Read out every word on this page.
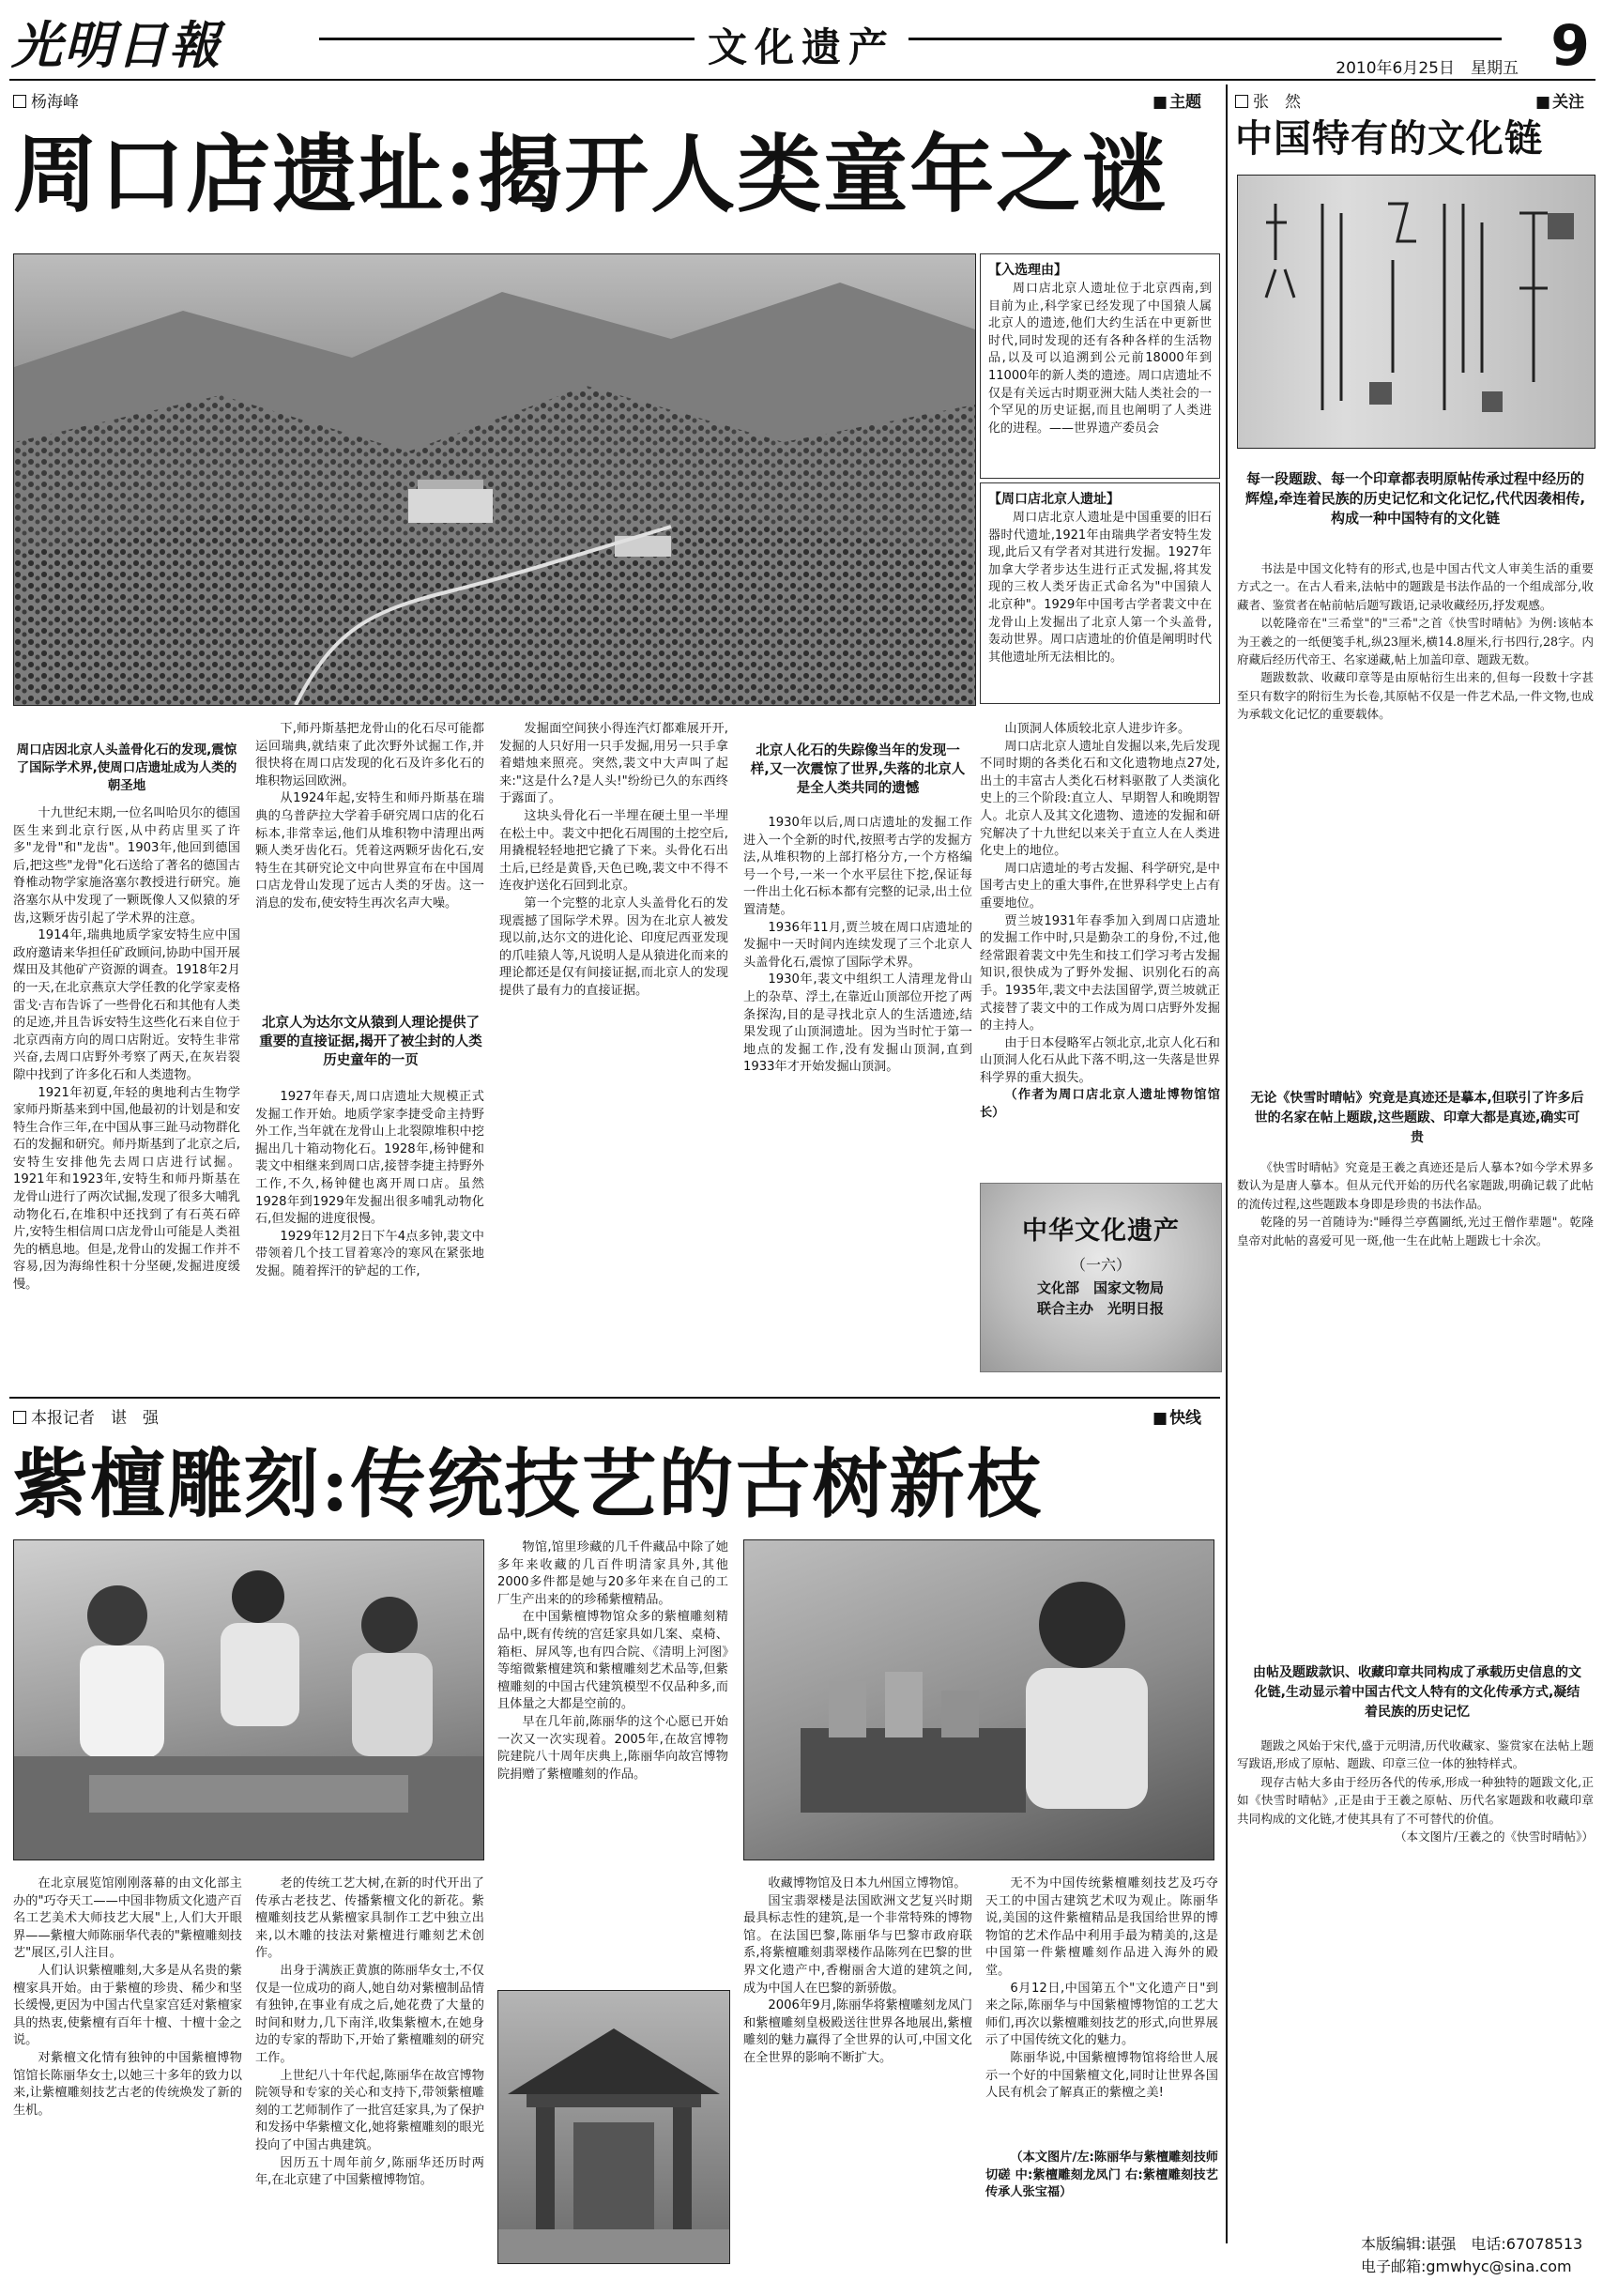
光明日報	文化遗产	9
2010年6月25日　星期五
杨海峰	■ 主题
周口店遗址:揭开人类童年之谜
【入选理由】
周口店北京人遗址位于北京西南,到目前为止,科学家已经发现了中国猿人属北京人的遗迹,他们大约生活在中更新世时代,同时发现的还有各种各样的生活物品,以及可以追溯到公元前18000年到11000年的新人类的遗迹。周口店遗址不仅是有关远古时期亚洲大陆人类社会的一个罕见的历史证据,而且也阐明了人类进化的进程。——世界遗产委员会
【周口店北京人遗址】
周口店北京人遗址是中国重要的旧石器时代遗址,1921年由瑞典学者安特生发现,此后又有学者对其进行发掘。1927年加拿大学者步达生进行正式发掘,将其发现的三枚人类牙齿正式命名为"中国猿人北京种"。1929年中国考古学者裴文中在龙骨山上发掘出了北京人第一个头盖骨,轰动世界。周口店遗址的价值是阐明时代其他遗址所无法相比的。
周口店因北京人头盖骨化石的发现,震惊了国际学术界,使周口店遗址成为人类的朝圣地

十九世纪末期,一位名叫哈贝尔的德国医生来到北京行医,从中药店里买了许多"龙骨"和"龙齿"。1903年,他回到德国后,把这些"龙骨"化石送给了著名的德国古脊椎动物学家施洛塞尔教授进行研究。施洛塞尔从中发现了一颗既像人又似猿的牙齿,这颗牙齿引起了学术界的注意。

1914年,瑞典地质学家安特生应中国政府邀请来华担任矿政顾问,协助中国开展煤田及其他矿产资源的调查。1918年2月的一天,在北京燕京大学任教的化学家麦格雷戈·吉布告诉了一些骨化石和其他有人类的足迹,并且告诉安特生这些化石来自位于北京西南方向的周口店附近。安特生非常兴奋,去周口店野外考察了两天,在灰岩裂隙中找到了许多化石和人类遗物。

1921年初夏,年轻的奥地利古生物学家师丹斯基来到中国,他最初的计划是和安特生合作三年,在中国从事三趾马动物群化石的发掘和研究。师丹斯基到了北京之后,安特生安排他先去周口店进行试掘。1921年和1923年,安特生和师丹斯基在龙骨山进行了两次试掘,发现了很多大哺乳动物化石,在堆积中还找到了有石英石碎片,安特生相信周口店龙骨山可能是人类祖先的栖息地。但是,龙骨山的发掘工作并不容易,因为海绵性积十分坚硬,发掘进度缓慢。

下,师丹斯基把龙骨山的化石尽可能都运回瑞典,就结束了此次野外试掘工作,并很快将在周口店发现的化石及许多化石的堆积物运回欧洲。

从1924年起,安特生和师丹斯基在瑞典的乌普萨拉大学着手研究周口店的化石标本,非常幸运,他们从堆积物中清理出两颗人类牙齿化石。凭着这两颗牙齿化石,安特生在其研究论文中向世界宣布在中国周口店龙骨山发现了远古人类的牙齿。这一消息的发布,使安特生再次名声大噪。

北京人为达尔文从猿到人理论提供了重要的直接证据,揭开了被尘封的人类历史童年的一页

1927年春天,周口店遗址大规模正式发掘工作开始。地质学家李捷受命主持野外工作,当年就在龙骨山上北裂隙堆积中挖掘出几十箱动物化石。1928年,杨钟健和裴文中相继来到周口店,接替李捷主持野外工作,不久,杨钟健也离开周口店。虽然1928年到1929年发掘出很多哺乳动物化石,但发掘的进度很慢。

1929年12月2日下午4点多钟,裴文中带领着几个技工冒着寒冷的寒风在紧张地发掘。随着挥汗的铲起的工作,

发掘面空间狭小得连汽灯都难展开开,发掘的人只好用一只手发掘,用另一只手拿着蜡烛来照亮。突然,裴文中大声叫了起来:"这是什么?是人头!"纷纷已久的东西终于露面了。

这块头骨化石一半埋在硬土里一半埋在松土中。裴文中把化石周围的土挖空后,用撬棍轻轻地把它撬了下来。头骨化石出土后,已经是黄昏,天色已晚,裴文中不得不连夜护送化石回到北京。

第一个完整的北京人头盖骨化石的发现震撼了国际学术界。因为在北京人被发现以前,达尔文的进化论、印度尼西亚发现的爪哇猿人等,凡说明人是从猿进化而来的理论都还是仅有间接证据,而北京人的发现提供了最有力的直接证据。

北京人化石的失踪像当年的发现一样,又一次震惊了世界,失落的北京人是全人类共同的遗憾

1930年以后,周口店遗址的发掘工作进入一个全新的时代,按照考古学的发掘方法,从堆积物的上部打格分方,一个方格编号一个号,一米一个水平层往下挖,保证每一件出土化石标本都有完整的记录,出土位置清楚。

1936年11月,贾兰坡在周口店遗址的发掘中一天时间内连续发现了三个北京人头盖骨化石,震惊了国际学术界。

1930年,裴文中组织工人清理龙骨山上的杂草、浮土,在靠近山顶部位开挖了两条探沟,目的是寻找北京人的生活遗迹,结果发现了山顶洞遗址。因为当时忙于第一地点的发掘工作,没有发掘山顶洞,直到1933年才开始发掘山顶洞。

山顶洞人体质较北京人进步许多。

周口店北京人遗址自发掘以来,先后发现不同时期的各类化石和文化遗物地点27处,出土的丰富古人类化石材料驱散了人类演化史上的三个阶段:直立人、早期智人和晚期智人。北京人及其文化遗物、遗迹的发掘和研究解决了十九世纪以来关于直立人在人类进化史上的地位。

周口店遗址的考古发掘、科学研究,是中国考古史上的重大事件,在世界科学史上占有重要地位。

贾兰坡1931年春季加入到周口店遗址的发掘工作中时,只是勤杂工的身份,不过,他经常跟着裴文中先生和技工们学习考古发掘知识,很快成为了野外发掘、识别化石的高手。1935年,裴文中去法国留学,贾兰坡就正式接替了裴文中的工作成为周口店野外发掘的主持人。

由于日本侵略军占领北京,北京人化石和山顶洞人化石从此下落不明,这一失落是世界科学界的重大损失。

（作者为周口店北京人遗址博物馆馆长）

中华文化遗产
（一六）
文化部　国家文物局　联合主办　光明日报
本报记者　谌　强	■ 快线
紫檀雕刻:传统技艺的古树新枝

在北京展览馆刚刚落幕的由文化部主办的"巧夺天工——中国非物质文化遗产百名工艺美术大师技艺大展"上,人们大开眼界——紫檀大师陈丽华代表的"紫檀雕刻技艺"展区,引人注目。

人们认识紫檀雕刻,大多是从名贵的紫檀家具开始。由于紫檀的珍贵、稀少和坚长缓慢,更因为中国古代皇家宫廷对紫檀家具的热衷,使紫檀有百年十檀、十檀十金之说。

对紫檀文化情有独钟的中国紫檀博物馆馆长陈丽华女士,以她三十多年的致力以来,让紫檀雕刻技艺古老的传统焕发了新的生机。

老的传统工艺大树,在新的时代开出了传承古老技艺、传播紫檀文化的新花。紫檀雕刻技艺从紫檀家具制作工艺中独立出来,以木雕的技法对紫檀进行雕刻艺术创作。

出身于满族正黄旗的陈丽华女士,不仅仅是一位成功的商人,她自幼对紫檀制品情有独钟,在事业有成之后,她花费了大量的时间和财力,几下南洋,收集紫檀木,在她身边的专家的帮助下,开始了紫檀雕刻的研究工作。

上世纪八十年代起,陈丽华在故宫博物院领导和专家的关心和支持下,带领紫檀雕刻的工艺师制作了一批宫廷家具,为了保护和发扬中华紫檀文化,她将紫檀雕刻的眼光投向了中国古典建筑。

因历五十周年前夕,陈丽华还历时两年,在北京建了中国紫檀博物馆。

物馆,馆里珍藏的几千件藏品中除了她多年来收藏的几百件明清家具外,其他2000多件都是她与20多年来在自己的工厂生产出来的的珍稀紫檀精品。

在中国紫檀博物馆众多的紫檀雕刻精品中,既有传统的宫廷家具如几案、桌椅、箱柜、屏风等,也有四合院、《清明上河图》等缩微紫檀建筑和紫檀雕刻艺术品等,但紫檀雕刻的中国古代建筑模型不仅品种多,而且体量之大都是空前的。

早在几年前,陈丽华的这个心愿已开始一次又一次实现着。2005年,在故宫博物院建院八十周年庆典上,陈丽华向故宫博物院捐赠了紫檀雕刻的作品。

收藏博物馆及日本九州国立博物馆。

国宝翡翠楼是法国欧洲文艺复兴时期最具标志性的建筑,是一个非常特殊的博物馆。在法国巴黎,陈丽华与巴黎市政府联系,将紫檀雕刻翡翠楼作品陈列在巴黎的世界文化遗产中,香榭丽舍大道的建筑之间,成为中国人在巴黎的新骄傲。

2006年9月,陈丽华将紫檀雕刻龙凤门和紫檀雕刻皇极殿送往世界各地展出,紫檀雕刻的魅力赢得了全世界的认可,中国文化在全世界的影响不断扩大。

无不为中国传统紫檀雕刻技艺及巧夺天工的中国古建筑艺术叹为观止。陈丽华说,美国的这件紫檀精品是我国给世界的博物馆的艺术作品中利用手最为精美的,这是中国第一件紫檀雕刻作品进入海外的殿堂。

6月12日,中国第五个"文化遗产日"到来之际,陈丽华与中国紫檀博物馆的工艺大师们,再次以紫檀雕刻技艺的形式,向世界展示了中国传统文化的魅力。

陈丽华说,中国紫檀博物馆将给世人展示一个好的中国紫檀文化,同时让世界各国人民有机会了解真正的紫檀之美!

（本文图片/左:陈丽华与紫檀雕刻技师切磋 中:紫檀雕刻龙凤门 右:紫檀雕刻技艺传承人张宝福）

张　然	■ 关注
中国特有的文化链
每一段题跋、每一个印章都表明原帖传承过程中经历的辉煌,牵连着民族的历史记忆和文化记忆,代代因袭相传,构成一种中国特有的文化链

书法是中国文化特有的形式,也是中国古代文人审美生活的重要方式之一。在古人看来,法帖中的题跋是书法作品的一个组成部分,收藏者、鉴赏者在帖前帖后题写跋语,记录收藏经历,抒发观感。

以乾隆帝在"三希堂"的"三希"之首《快雪时晴帖》为例:该帖本为王羲之的一纸便笺手札,纵23厘米,横14.8厘米,行书四行,28字。内府藏后经历代帝王、名家递藏,帖上加盖印章、题跋无数。

题跋数款、收藏印章等是由原帖衍生出来的,但每一段数十字甚至只有数字的附衍生为长卷,其原帖不仅是一件艺术品,一件文物,也成为承载文化记忆的重要载体。

无论《快雪时晴帖》究竟是真迹还是摹本,但联引了许多后世的名家在帖上题跋,这些题跋、印章大都是真迹,确实可贵

《快雪时晴帖》究竟是王羲之真迹还是后人摹本?如今学术界多数认为是唐人摹本。但从元代开始的历代名家题跋,明确记载了此帖的流传过程,这些题跋本身即是珍贵的书法作品。

乾隆的另一首随诗为:"睡得兰亭舊圖纸,光过王僧作辈题"。乾隆皇帝对此帖的喜爱可见一斑,他一生在此帖上题跋七十余次。

由帖及题跋款识、收藏印章共同构成了承载历史信息的文化链,生动显示着中国古代文人特有的文化传承方式,凝结着民族的历史记忆

题跋之风始于宋代,盛于元明清,历代收藏家、鉴赏家在法帖上题写跋语,形成了原帖、题跋、印章三位一体的独特样式。

现存古帖大多由于经历各代的传承,形成一种独特的题跋文化,正如《快雪时晴帖》,正是由于王羲之原帖、历代名家题跋和收藏印章共同构成的文化链,才使其具有了不可替代的价值。

（本文图片/王羲之的《快雪时晴帖》）

本版编辑:谌强　电话:67078513
电子邮箱:gmwhyc@sina.com
